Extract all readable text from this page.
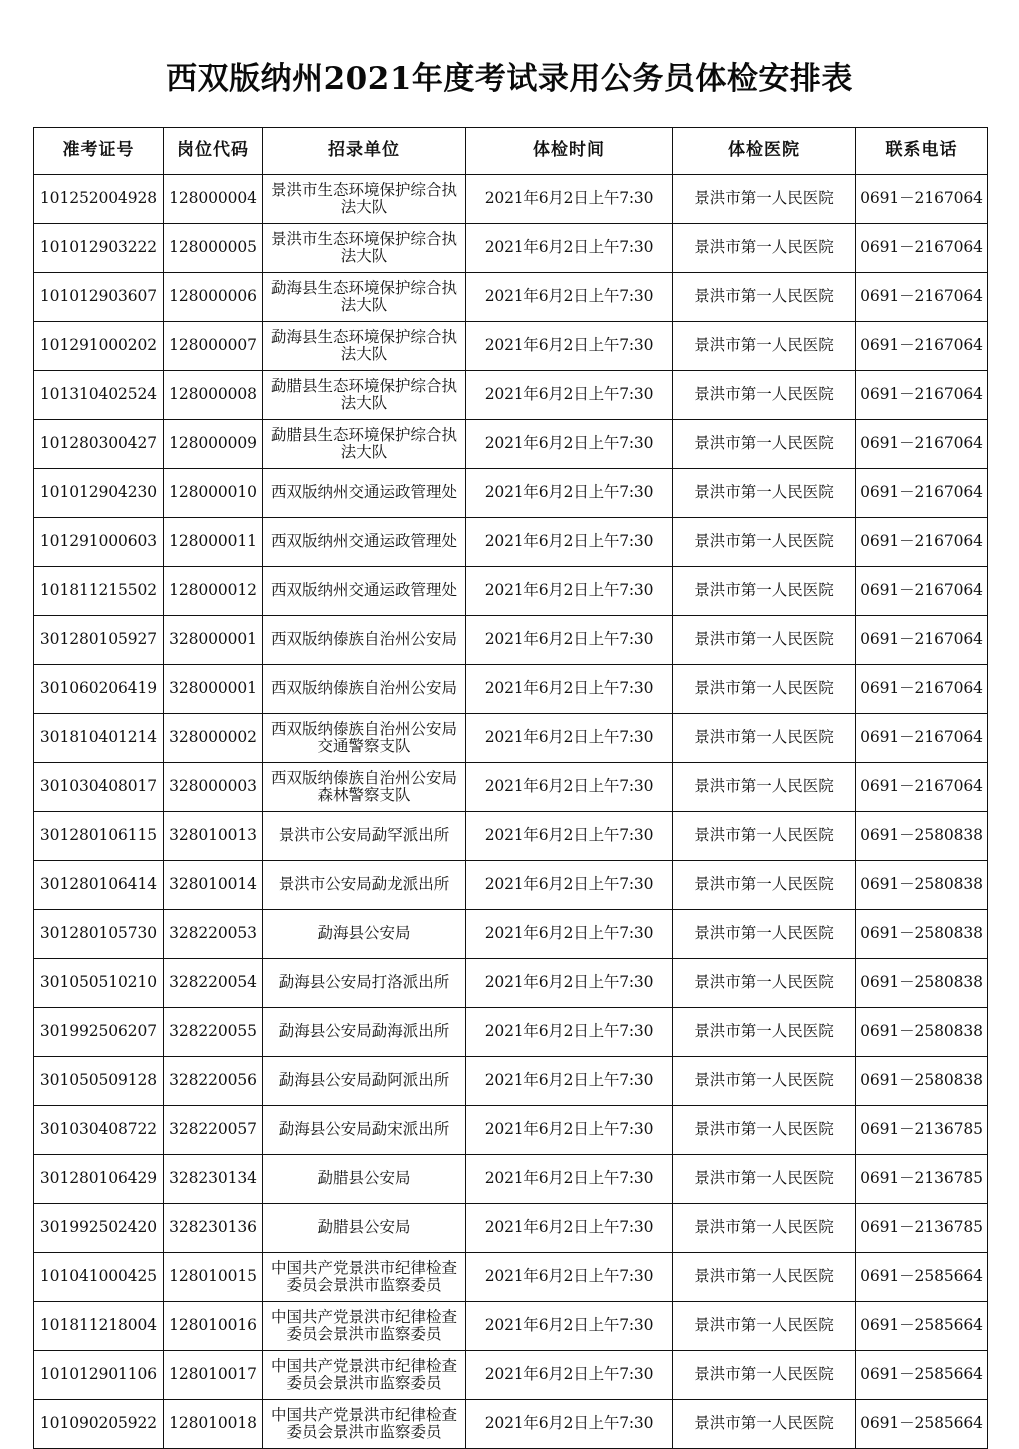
西双版纳州2021年度考试录用公务员体检安排表
准考证号	岗位代码	招录单位	体检时间	体检医院	联系电话
101252004928	128000004	景洪市生态环境保护综合执法大队	2021年6月2日上午7:30	景洪市第一人民医院	0691－2167064
101012903222	128000005	景洪市生态环境保护综合执法大队	2021年6月2日上午7:30	景洪市第一人民医院	0691－2167064
101012903607	128000006	勐海县生态环境保护综合执法大队	2021年6月2日上午7:30	景洪市第一人民医院	0691－2167064
101291000202	128000007	勐海县生态环境保护综合执法大队	2021年6月2日上午7:30	景洪市第一人民医院	0691－2167064
101310402524	128000008	勐腊县生态环境保护综合执法大队	2021年6月2日上午7:30	景洪市第一人民医院	0691－2167064
101280300427	128000009	勐腊县生态环境保护综合执法大队	2021年6月2日上午7:30	景洪市第一人民医院	0691－2167064
101012904230	128000010	西双版纳州交通运政管理处	2021年6月2日上午7:30	景洪市第一人民医院	0691－2167064
101291000603	128000011	西双版纳州交通运政管理处	2021年6月2日上午7:30	景洪市第一人民医院	0691－2167064
101811215502	128000012	西双版纳州交通运政管理处	2021年6月2日上午7:30	景洪市第一人民医院	0691－2167064
301280105927	328000001	西双版纳傣族自治州公安局	2021年6月2日上午7:30	景洪市第一人民医院	0691－2167064
301060206419	328000001	西双版纳傣族自治州公安局	2021年6月2日上午7:30	景洪市第一人民医院	0691－2167064
301810401214	328000002	西双版纳傣族自治州公安局交通警察支队	2021年6月2日上午7:30	景洪市第一人民医院	0691－2167064
301030408017	328000003	西双版纳傣族自治州公安局森林警察支队	2021年6月2日上午7:30	景洪市第一人民医院	0691－2167064
301280106115	328010013	景洪市公安局勐罕派出所	2021年6月2日上午7:30	景洪市第一人民医院	0691－2580838
301280106414	328010014	景洪市公安局勐龙派出所	2021年6月2日上午7:30	景洪市第一人民医院	0691－2580838
301280105730	328220053	勐海县公安局	2021年6月2日上午7:30	景洪市第一人民医院	0691－2580838
301050510210	328220054	勐海县公安局打洛派出所	2021年6月2日上午7:30	景洪市第一人民医院	0691－2580838
301992506207	328220055	勐海县公安局勐海派出所	2021年6月2日上午7:30	景洪市第一人民医院	0691－2580838
301050509128	328220056	勐海县公安局勐阿派出所	2021年6月2日上午7:30	景洪市第一人民医院	0691－2580838
301030408722	328220057	勐海县公安局勐宋派出所	2021年6月2日上午7:30	景洪市第一人民医院	0691－2136785
301280106429	328230134	勐腊县公安局	2021年6月2日上午7:30	景洪市第一人民医院	0691－2136785
301992502420	328230136	勐腊县公安局	2021年6月2日上午7:30	景洪市第一人民医院	0691－2136785
101041000425	128010015	中国共产党景洪市纪律检查委员会景洪市监察委员	2021年6月2日上午7:30	景洪市第一人民医院	0691－2585664
101811218004	128010016	中国共产党景洪市纪律检查委员会景洪市监察委员	2021年6月2日上午7:30	景洪市第一人民医院	0691－2585664
101012901106	128010017	中国共产党景洪市纪律检查委员会景洪市监察委员	2021年6月2日上午7:30	景洪市第一人民医院	0691－2585664
101090205922	128010018	中国共产党景洪市纪律检查委员会景洪市监察委员	2021年6月2日上午7:30	景洪市第一人民医院	0691－2585664
